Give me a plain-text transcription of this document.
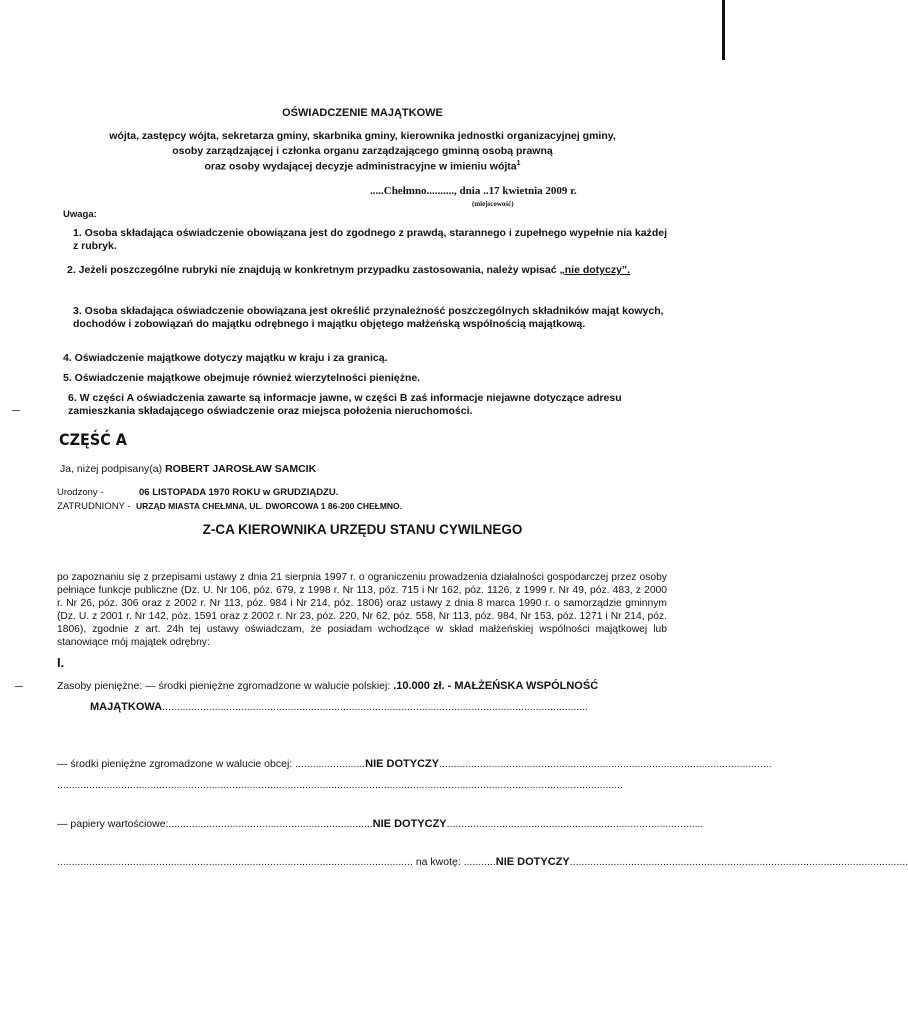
OŚWIADCZENIE MAJĄTKOWE
wójta, zastępcy wójta, sekretarza gminy, skarbnika gminy, kierownika jednostki organizacyjnej gminy,
osoby zarządzającej i członka organu zarządzającego gminną osobą prawną
oraz osoby wydającej decyzje administracyjne w imieniu wójta$^1$
.....Chełmno.........., dnia ..17 kwietnia 2009 r.
(miejscowość)
Uwaga:
1. Osoba składająca oświadczenie obowiązana jest do zgodnego z prawdą, starannego i zupełnego wypełnie nia każdej z rubryk.
2. Jeżeli poszczególne rubryki nie znajdują w konkretnym przypadku zastosowania, należy wpisać „nie dotyczy”.
3. Osoba składająca oświadczenie obowiązana jest określić przynależność poszczególnych składników mająt kowych, dochodów i zobowiązań do majątku odrębnego i majątku objętego małżeńską wspólnością majątkową.
4. Oświadczenie majątkowe dotyczy majątku w kraju i za granicą.
5. Oświadczenie majątkowe obejmuje również wierzytelności pieniężne.
6. W części A oświadczenia zawarte są informacje jawne, w części B zaś informacje niejawne dotyczące adresu zamieszkania składającego oświadczenie oraz miejsca położenia nieruchomości.
CZĘŚĆ A
Ja, niżej podpisany(a) ROBERT JAROSŁAW SAMCIK
Urodzony -	06 LISTOPADA 1970 ROKU w GRUDZIĄDZU.
ZATRUDNIONY - URZĄD MIASTA CHEŁMNA, UL. DWORCOWA 1 86-200 CHEŁMNO.
Z-CA KIEROWNIKA URZĘDU STANU CYWILNEGO
po zapoznaniu się z przepisami ustawy z dnia 21 sierpnia 1997 r. o ograniczeniu prowadzenia działalności gospodarczej przez osoby pełniące funkcje publiczne (Dz. U. Nr 106, póz. 679, z 1998 r. Nr 113, póz. 715 i Nr 162, póz. 1126, z 1999 r. Nr 49, póz. 483, z 2000 r. Nr 26, póz. 306 oraz z 2002 r. Nr 113, póz. 984 i Nr 214, póz. 1806) oraz ustawy z dnia 8 marca 1990 r. o samorządzie gminnym (Dz. U. z 2001 r. Nr 142, póz. 1591 oraz z 2002 r. Nr 23, póz. 220, Nr 62, póz. 558, Nr 113, póz. 984, Nr 153, póz. 1271 i Nr 214, póz. 1806), zgodnie z art. 24h tej ustawy oświadczam, że posiadam wchodzące w skład małżeńskiej wspólności majątkowej lub stanowiące mój majątek odrębny:
I.
Zasoby pieniężne: — środki pieniężne zgromadzone w walucie polskiej: .10.000 zł. - MAŁŻEŃSKA WSPÓLNOŚĆ
MAJĄTKOWA..................................................................................................................................................
— środki pieniężne zgromadzone w walucie obcej: ........................NIE DOTYCZY..................................................................................................................
..................................................................................................................................................................................................
— papiery wartościowe:......................................................................NIE DOTYCZY........................................................................................
.......................................................................................................................... na kwotę: ...........NIE DOTYCZY....................................................................................................................
